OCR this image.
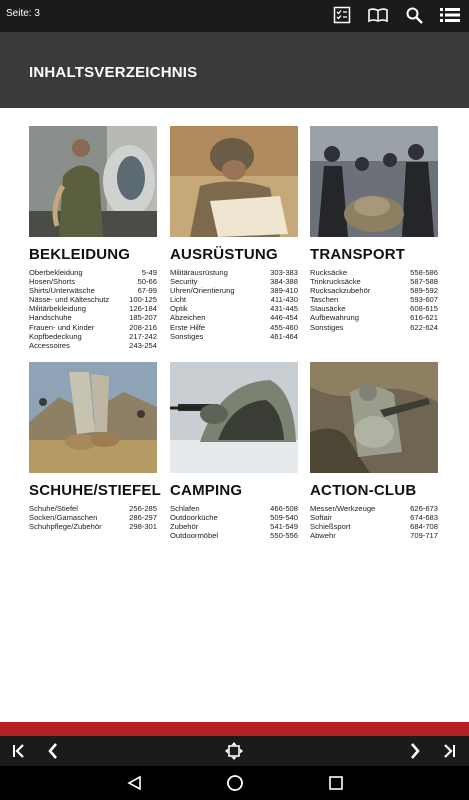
Seite: 3
INHALTSVERZEICHNIS
BEKLEIDUNG
Oberbekleidung	5-49
Hosen/Shorts	50-66
Shirts/Unterwäsche	67-99
Nässe- und Kälteschutz	100-125
Militärbekleidung	126-184
Handschuhe	185-207
Frauen- und Kinder	208-216
Kopfbedeckung	217-242
Accessoires	243-254
AUSRÜSTUNG
Militärausrüstung	303-383
Security	384-388
Uhren/Orientierung	389-410
Licht	411-430
Optik	431-445
Abzeichen	446-454
Erste Hilfe	455-460
Sonstiges	461-464
TRANSPORT
Rucksäcke	558-586
Trinkrucksäcke	587-588
Rucksackzubehör	589-592
Taschen	593-607
Stausäcke	608-615
Aufbewahrung	616-621
Sonstiges	622-624
SCHUHE/STIEFEL
Schuhe/Stiefel	256-285
Socken/Gamaschen	286-297
Schuhpflege/Zubehör	298-301
CAMPING
Schlafen	466-508
Outdoorküche	509-540
Zubehör	541-549
Outdoormöbel	550-556
ACTION-CLUB
Messer/Werkzeuge	626-673
Softair	674-683
Schießsport	684-708
Abwehr	709-717
